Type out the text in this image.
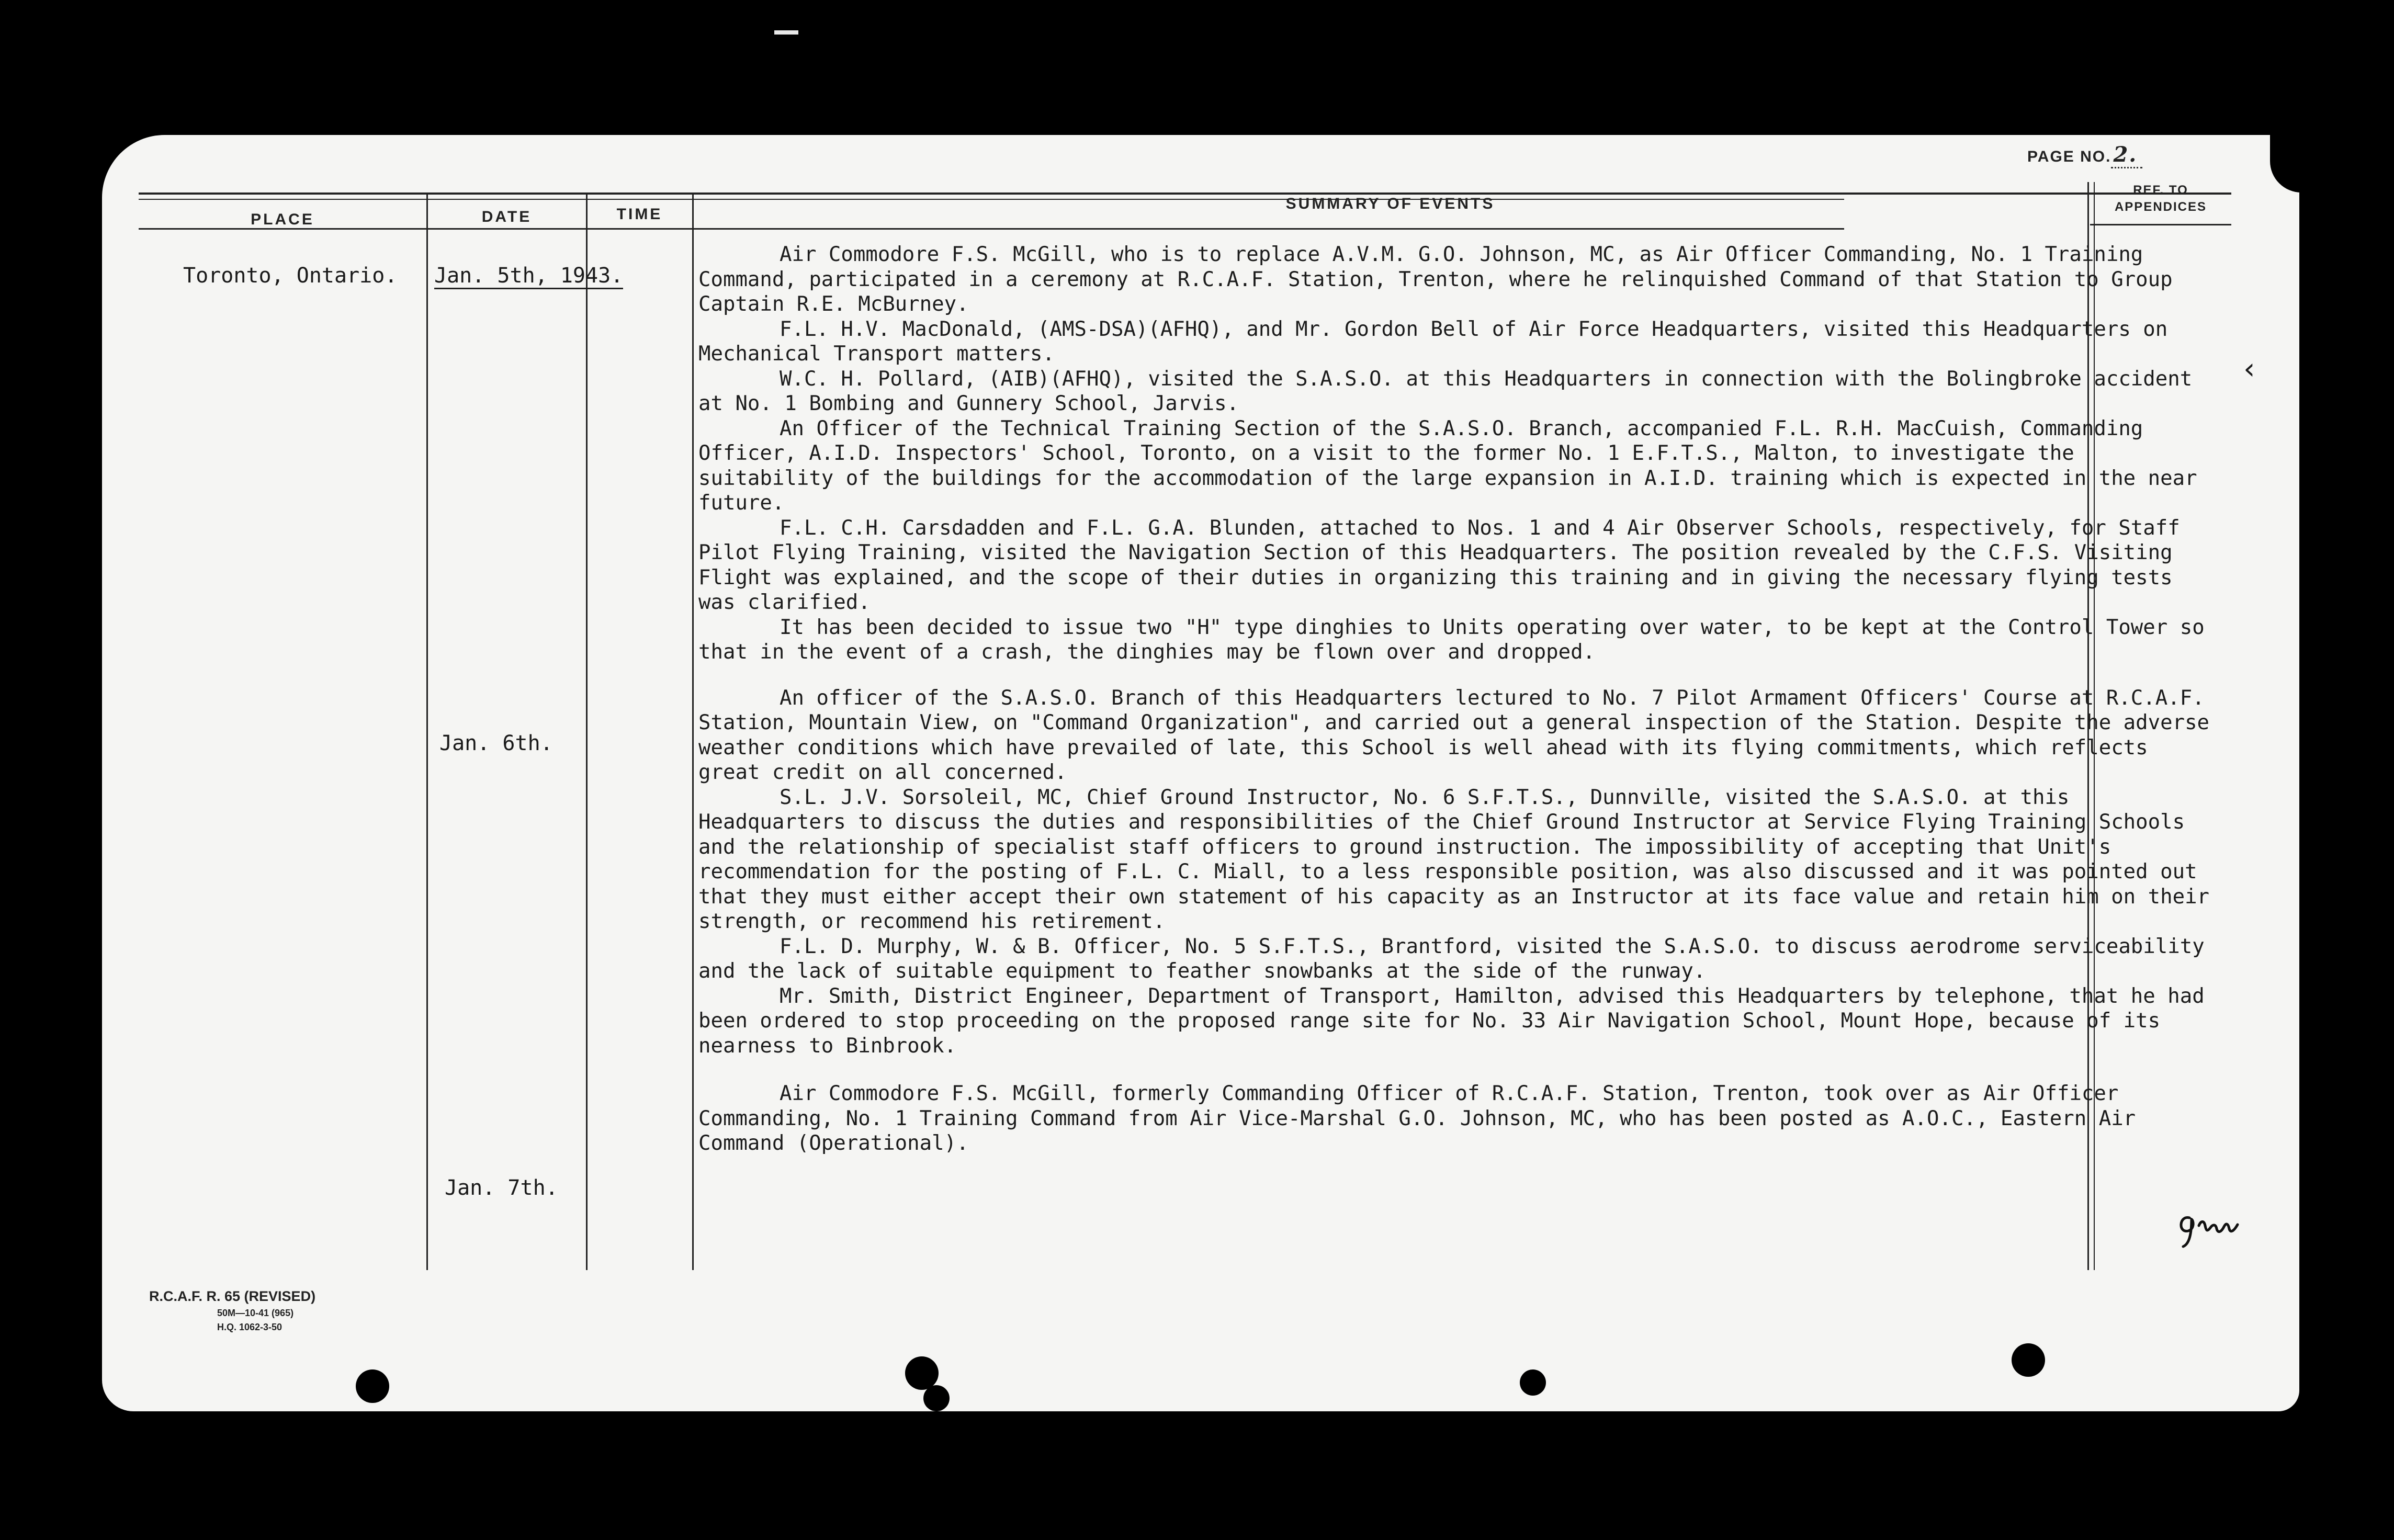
PAGE NO. 2.
PLACE	DATE	TIME
SUMMARY OF EVENTS
REF. TO
APPENDICES
Toronto, Ontario. Jan. 5th, 1943.
Jan. 6th.
Jan. 7th.

Air Commodore F.S. McGill, who is to replace A.V.M. G.O. Johnson, MC, as Air Officer Commanding, No. 1 Training Command, participated in a ceremony at R.C.A.F. Station, Trenton, where he relinquished Command of that Station to Group Captain R.E. McBurney.

F.L. H.V. MacDonald, (AMS-DSA)(AFHQ), and Mr. Gordon Bell of Air Force Headquarters, visited this Headquarters on Mechanical Transport matters.

W.C. H. Pollard, (AIB)(AFHQ), visited the S.A.S.O. at this Headquarters in connection with the Bolingbroke accident at No. 1 Bombing and Gunnery School, Jarvis.

An Officer of the Technical Training Section of the S.A.S.O. Branch, accompanied F.L. R.H. MacCuish, Commanding Officer, A.I.D. Inspectors' School, Toronto, on a visit to the former No. 1 E.F.T.S., Malton, to investigate the suitability of the buildings for the accommodation of the large expansion in A.I.D. training which is expected in the near future.

F.L. C.H. Carsdadden and F.L. G.A. Blunden, attached to Nos. 1 and 4 Air Observer Schools, respectively, for Staff Pilot Flying Training, visited the Navigation Section of this Headquarters. The position revealed by the C.F.S. Visiting Flight was explained, and the scope of their duties in organizing this training and in giving the necessary flying tests was clarified.

It has been decided to issue two "H" type dinghies to Units operating over water, to be kept at the Control Tower so that in the event of a crash, the dinghies may be flown over and dropped.

An officer of the S.A.S.O. Branch of this Headquarters lectured to No. 7 Pilot Armament Officers' Course at R.C.A.F. Station, Mountain View, on "Command Organization", and carried out a general inspection of the Station. Despite the adverse weather conditions which have prevailed of late, this School is well ahead with its flying commitments, which reflects great credit on all concerned.

S.L. J.V. Sorsoleil, MC, Chief Ground Instructor, No. 6 S.F.T.S., Dunnville, visited the S.A.S.O. at this Headquarters to discuss the duties and responsibilities of the Chief Ground Instructor at Service Flying Training Schools and the relationship of specialist staff officers to ground instruction. The impossibility of accepting that Unit's recommendation for the posting of F.L. C. Miall, to a less responsible position, was also discussed and it was pointed out that they must either accept their own statement of his capacity as an Instructor at its face value and retain him on their strength, or recommend his retirement.

F.L. D. Murphy, W. & B. Officer, No. 5 S.F.T.S., Brantford, visited the S.A.S.O. to discuss aerodrome serviceability and the lack of suitable equipment to feather snowbanks at the side of the runway.

Mr. Smith, District Engineer, Department of Transport, Hamilton, advised this Headquarters by telephone, that he had been ordered to stop proceeding on the proposed range site for No. 33 Air Navigation School, Mount Hope, because of its nearness to Binbrook.

Air Commodore F.S. McGill, formerly Commanding Officer of R.C.A.F. Station, Trenton, took over as Air Officer Commanding, No. 1 Training Command from Air Vice-Marshal G.O. Johnson, MC, who has been posted as A.O.C., Eastern Air Command (Operational).

‹
R.C.A.F. R. 65 (REVISED)
50M—10-41 (965)
H.Q. 1062-3-50
